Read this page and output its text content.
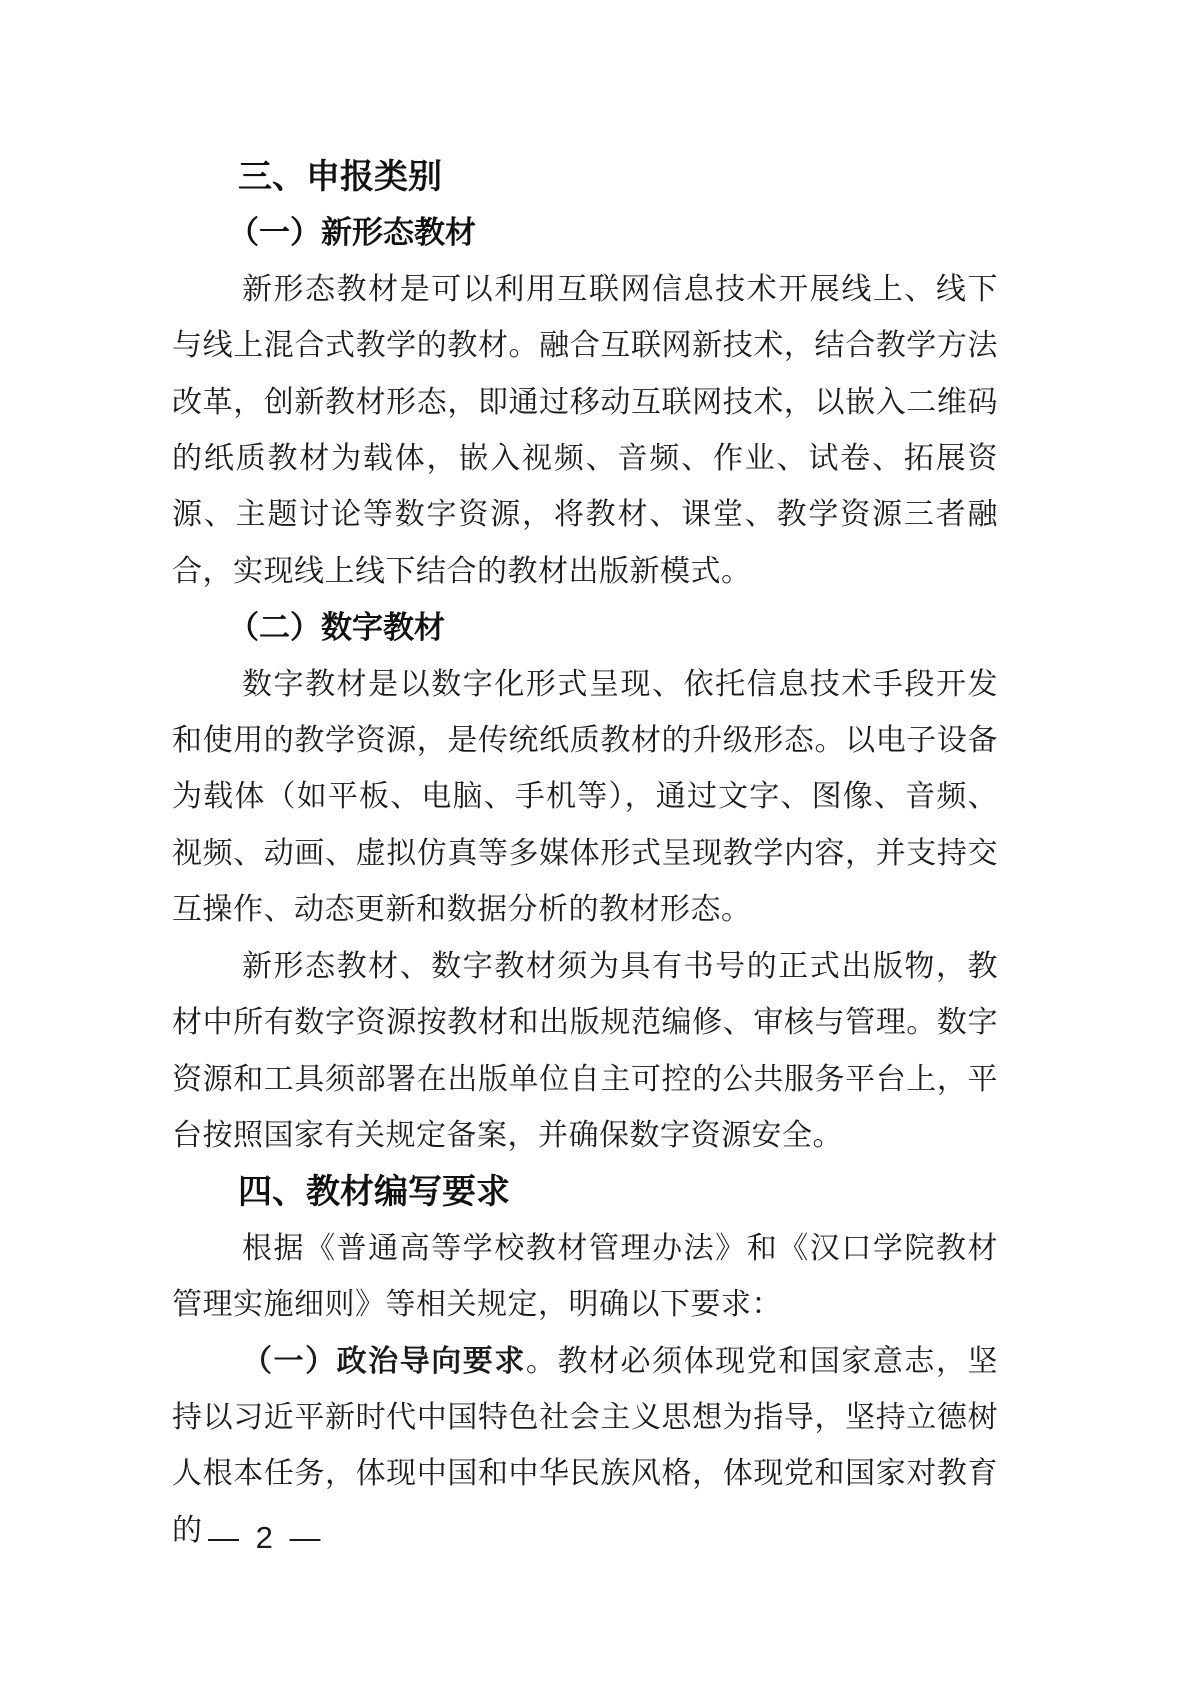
三、申报类别
（一）新形态教材

新形态教材是可以利用互联网信息技术开展线上、线下与线上混合式教学的教材。融合互联网新技术，结合教学方法改革，创新教材形态，即通过移动互联网技术，以嵌入二维码的纸质教材为载体，嵌入视频、音频、作业、试卷、拓展资源、主题讨论等数字资源，将教材、课堂、教学资源三者融合，实现线上线下结合的教材出版新模式。

（二）数字教材

数字教材是以数字化形式呈现、依托信息技术手段开发和使用的教学资源，是传统纸质教材的升级形态。以电子设备为载体（如平板、电脑、手机等），通过文字、图像、音频、视频、动画、虚拟仿真等多媒体形式呈现教学内容，并支持交互操作、动态更新和数据分析的教材形态。

新形态教材、数字教材须为具有书号的正式出版物，教材中所有数字资源按教材和出版规范编修、审核与管理。数字资源和工具须部署在出版单位自主可控的公共服务平台上，平台按照国家有关规定备案，并确保数字资源安全。

四、教材编写要求

根据《普通高等学校教材管理办法》和《汉口学院教材管理实施细则》等相关规定，明确以下要求：

（一）政治导向要求。教材必须体现党和国家意志，坚持以习近平新时代中国特色社会主义思想为指导，坚持立德树人根本任务，体现中国和中华民族风格，体现党和国家对教育的 — 2 —
